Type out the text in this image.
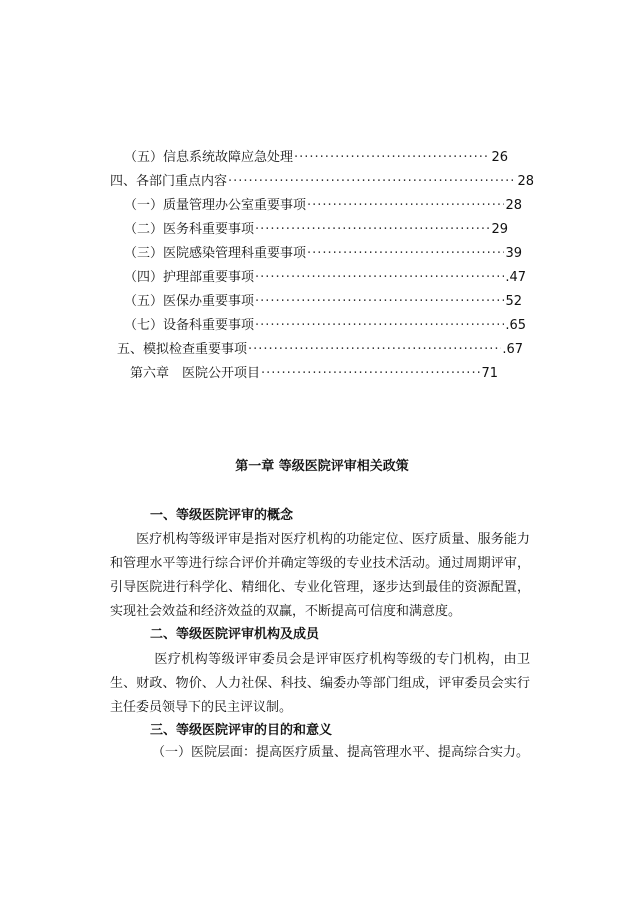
（五）信息系统故障应急处理 ·····	26
四、各部门重点内容 ·····	28
（一）质量管理办公室重要事项 ·····	28
（二）医务科重要事项 ·····	29
（三）医院感染管理科重要事项 ·····	39
（四）护理部重要事项 ·····	.47
（五）医保办重要事项 ·····	52
（七）设备科重要事项 ·····	.65
五、模拟检查重要事项 ·····	.67
第六章　医院公开项目 ·····	71
第一章 等级医院评审相关政策
一、等级医院评审的概念
医疗机构等级评审是指对医疗机构的功能定位、医疗质量、服务能力和管理水平等进行综合评价并确定等级的专业技术活动。通过周期评审，引导医院进行科学化、精细化、专业化管理，逐步达到最佳的资源配置，实现社会效益和经济效益的双赢，不断提高可信度和满意度。
二、等级医院评审机构及成员
医疗机构等级评审委员会是评审医疗机构等级的专门机构，由卫生、财政、物价、人力社保、科技、编委办等部门组成，评审委员会实行主任委员领导下的民主评议制。
三、等级医院评审的目的和意义
（一）医院层面：提高医疗质量、提高管理水平、提高综合实力。
